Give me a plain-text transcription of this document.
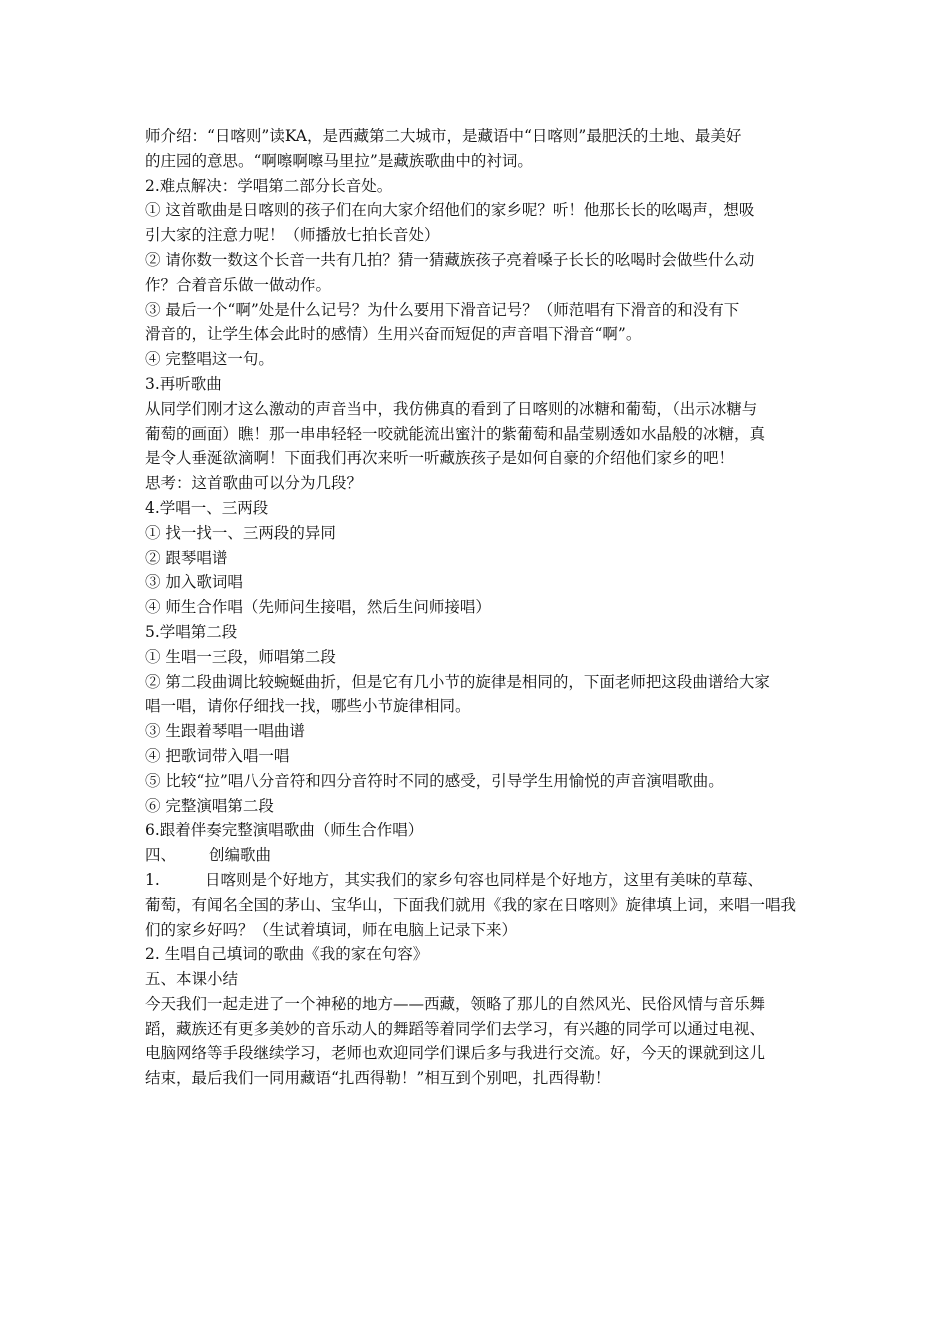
师介绍：“日喀则”读KA，是西藏第二大城市，是藏语中“日喀则”最肥沃的土地、最美好
的庄园的意思。“啊嚓啊嚓马里拉”是藏族歌曲中的衬词。
2.难点解决：学唱第二部分长音处。
① 这首歌曲是日喀则的孩子们在向大家介绍他们的家乡呢？听！他那长长的吆喝声，想吸
引大家的注意力呢！（师播放七拍长音处）
② 请你数一数这个长音一共有几拍？猜一猜藏族孩子亮着嗓子长长的吆喝时会做些什么动
作？合着音乐做一做动作。
③ 最后一个“啊”处是什么记号？为什么要用下滑音记号？（师范唱有下滑音的和没有下
滑音的，让学生体会此时的感情）生用兴奋而短促的声音唱下滑音“啊”。
④ 完整唱这一句。
3.再听歌曲
从同学们刚才这么激动的声音当中，我仿佛真的看到了日喀则的冰糖和葡萄，（出示冰糖与
葡萄的画面）瞧！那一串串轻轻一咬就能流出蜜汁的紫葡萄和晶莹剔透如水晶般的冰糖，真
是令人垂涎欲滴啊！下面我们再次来听一听藏族孩子是如何自豪的介绍他们家乡的吧！
思考：这首歌曲可以分为几段？
4.学唱一、三两段
① 找一找一、三两段的异同
② 跟琴唱谱
③ 加入歌词唱
④ 师生合作唱（先师问生接唱，然后生问师接唱）
5.学唱第二段
① 生唱一三段，师唱第二段
② 第二段曲调比较蜿蜒曲折，但是它有几小节的旋律是相同的，下面老师把这段曲谱给大家
唱一唱，请你仔细找一找，哪些小节旋律相同。
③ 生跟着琴唱一唱曲谱
④ 把歌词带入唱一唱
⑤ 比较“拉”唱八分音符和四分音符时不同的感受，引导学生用愉悦的声音演唱歌曲。
⑥ 完整演唱第二段
6.跟着伴奏完整演唱歌曲（师生合作唱）
四、 创编歌曲
1.	日喀则是个好地方，其实我们的家乡句容也同样是个好地方，这里有美味的草莓、
葡萄，有闻名全国的茅山、宝华山，下面我们就用《我的家在日喀则》旋律填上词，来唱一唱我
们的家乡好吗？（生试着填词，师在电脑上记录下来）
2. 生唱自己填词的歌曲《我的家在句容》
五、本课小结
今天我们一起走进了一个神秘的地方——西藏，领略了那儿的自然风光、民俗风情与音乐舞
蹈，藏族还有更多美妙的音乐动人的舞蹈等着同学们去学习，有兴趣的同学可以通过电视、
电脑网络等手段继续学习，老师也欢迎同学们课后多与我进行交流。好，今天的课就到这儿
结束，最后我们一同用藏语“扎西得勒！”相互到个别吧，扎西得勒！
